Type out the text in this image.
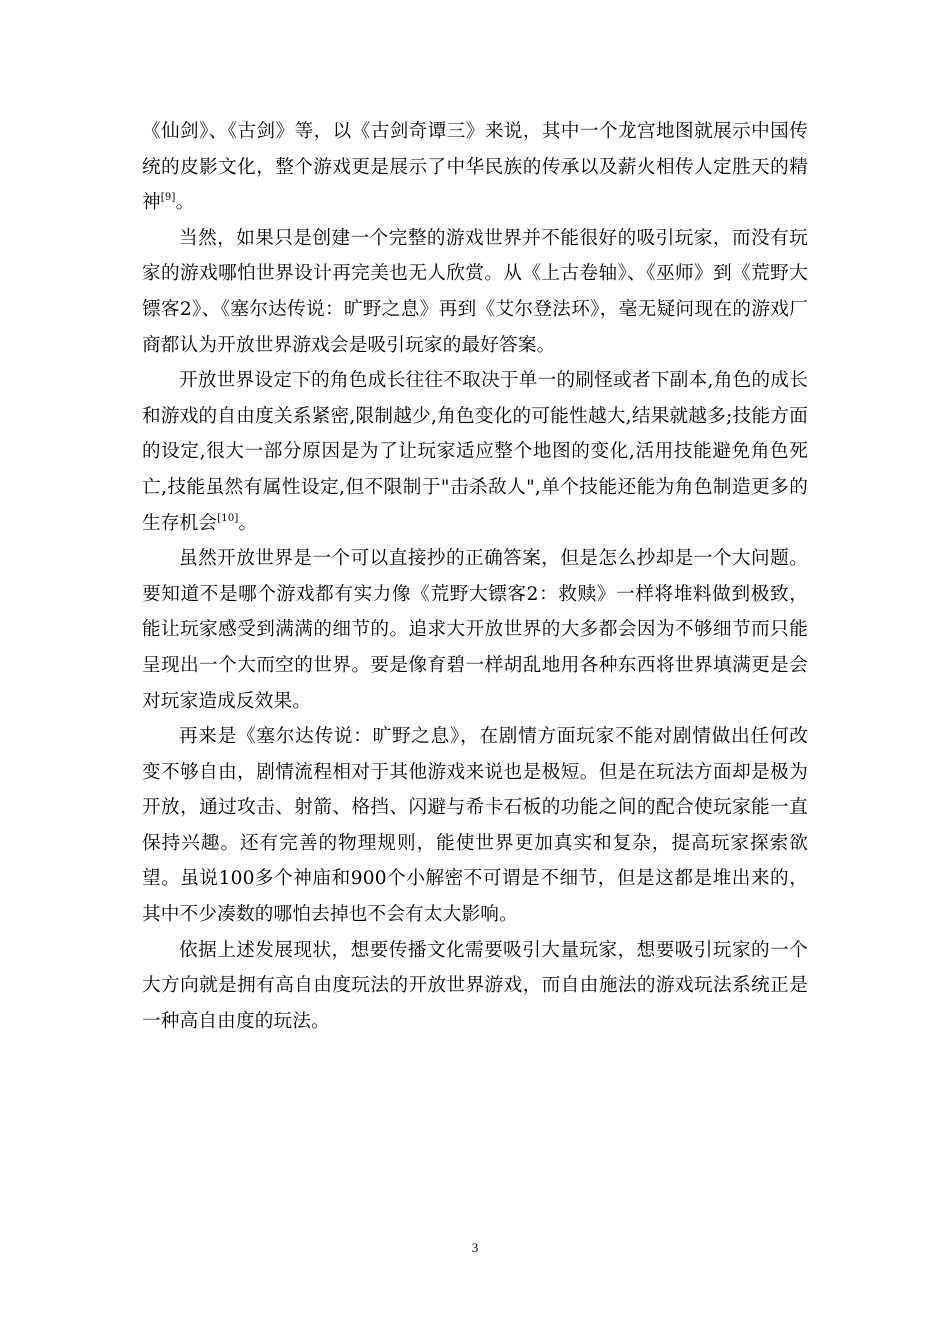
《仙剑》、《古剑》等，以《古剑奇谭三》来说，其中一个龙宫地图就展示中国传统的皮影文化，整个游戏更是展示了中华民族的传承以及薪火相传人定胜天的精神[9]。

当然，如果只是创建一个完整的游戏世界并不能很好的吸引玩家，而没有玩家的游戏哪怕世界设计再完美也无人欣赏。从《上古卷轴》、《巫师》到《荒野大镖客2》、《塞尔达传说：旷野之息》再到《艾尔登法环》，毫无疑问现在的游戏厂商都认为开放世界游戏会是吸引玩家的最好答案。

开放世界设定下的角色成长往往不取决于单一的刷怪或者下副本,角色的成长和游戏的自由度关系紧密,限制越少,角色变化的可能性越大,结果就越多;技能方面的设定,很大一部分原因是为了让玩家适应整个地图的变化,活用技能避免角色死亡,技能虽然有属性设定,但不限制于"击杀敌人",单个技能还能为角色制造更多的生存机会[10]。

虽然开放世界是一个可以直接抄的正确答案，但是怎么抄却是一个大问题。要知道不是哪个游戏都有实力像《荒野大镖客2：救赎》一样将堆料做到极致，能让玩家感受到满满的细节的。追求大开放世界的大多都会因为不够细节而只能呈现出一个大而空的世界。要是像育碧一样胡乱地用各种东西将世界填满更是会对玩家造成反效果。

再来是《塞尔达传说：旷野之息》，在剧情方面玩家不能对剧情做出任何改变不够自由，剧情流程相对于其他游戏来说也是极短。但是在玩法方面却是极为开放，通过攻击、射箭、格挡、闪避与希卡石板的功能之间的配合使玩家能一直保持兴趣。还有完善的物理规则，能使世界更加真实和复杂，提高玩家探索欲望。虽说100多个神庙和900个小解密不可谓是不细节，但是这都是堆出来的，其中不少凑数的哪怕去掉也不会有太大影响。

依据上述发展现状，想要传播文化需要吸引大量玩家，想要吸引玩家的一个大方向就是拥有高自由度玩法的开放世界游戏，而自由施法的游戏玩法系统正是一种高自由度的玩法。

3
